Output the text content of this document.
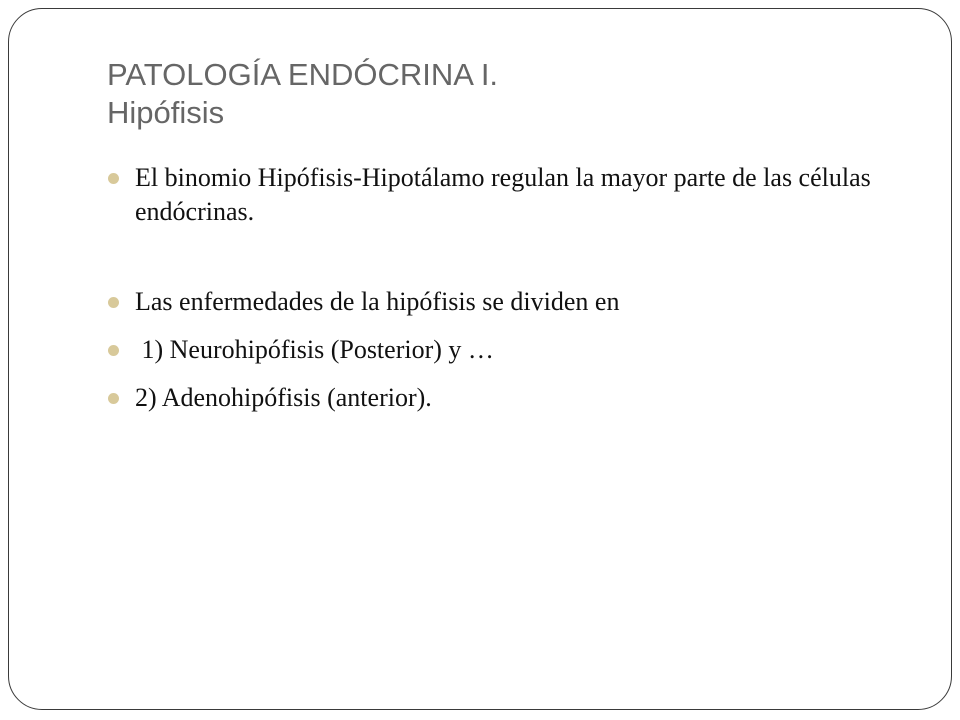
PATOLOGÍA ENDÓCRINA I.
Hipófisis
El binomio Hipófisis-Hipotálamo regulan la mayor parte de las células endócrinas.
Las enfermedades de la hipófisis se dividen en
1) Neurohipófisis (Posterior) y …
2) Adenohipófisis (anterior).
